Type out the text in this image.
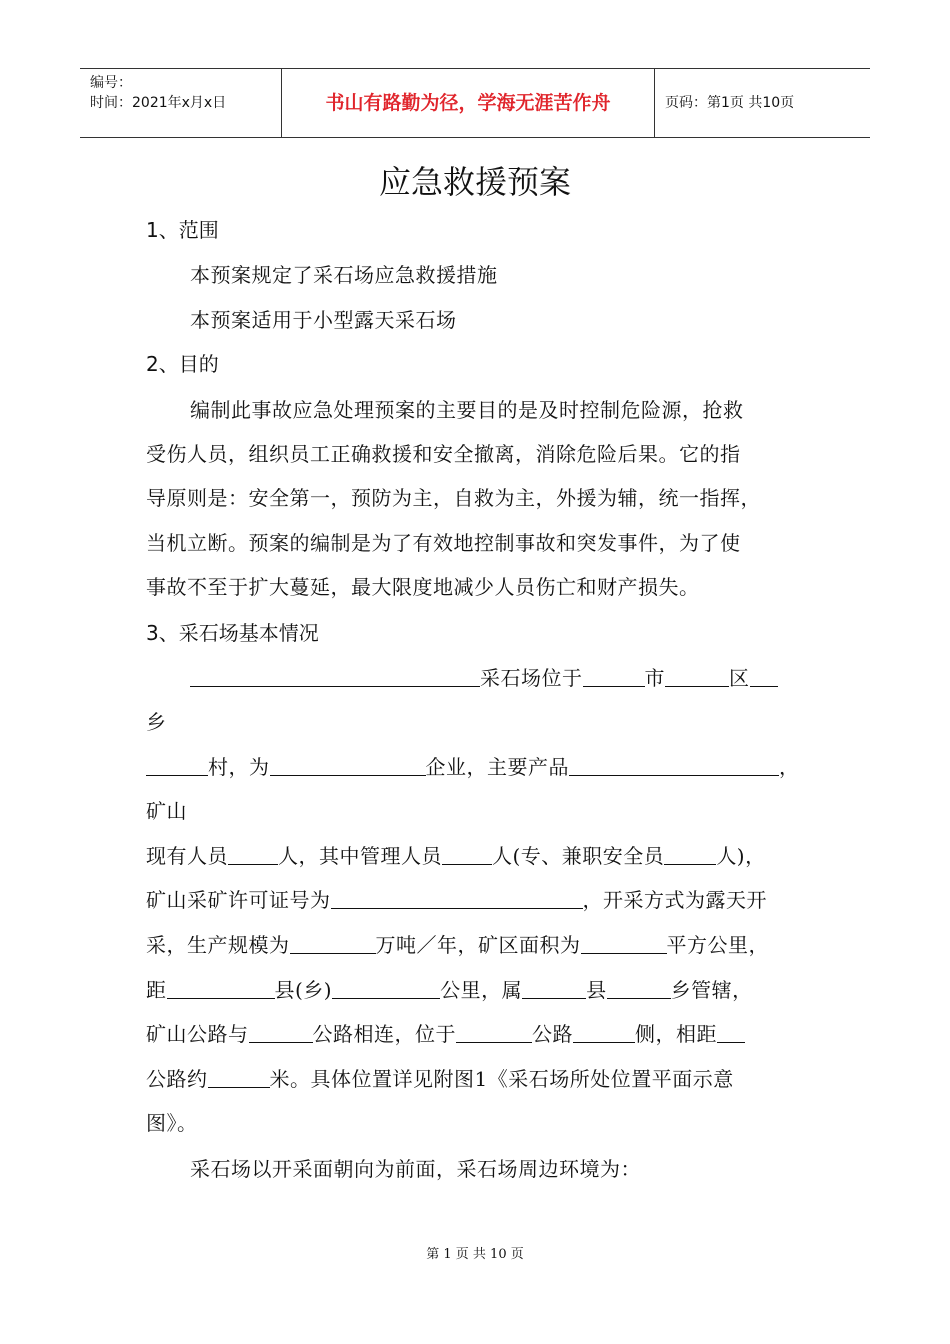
编号：
时间：2021年x月x日	书山有路勤为径，学海无涯苦作舟	页码：第1页 共10页
应急救援预案
1、范围
本预案规定了采石场应急救援措施
本预案适用于小型露天采石场
2、目的
编制此事故应急处理预案的主要目的是及时控制危险源，抢救
受伤人员，组织员工正确救援和安全撤离，消除危险后果。它的指
导原则是：安全第一，预防为主，自救为主，外援为辅，统一指挥，
当机立断。预案的编制是为了有效地控制事故和突发事件，为了使
事故不至于扩大蔓延，最大限度地减少人员伤亡和财产损失。
3、采石场基本情况
采石场位于	市	区
乡
村，为	企业，主要产品	，
矿山
现有人员	人，其中管理人员	人(专、兼职安全员	人)，
矿山采矿许可证号为	，开采方式为露天开
采，生产规模为	万吨／年，矿区面积为	平方公里，
距	县(乡)	公里，属	县	乡管辖，
矿山公路与	公路相连，位于	公路	侧，相距
公路约	米。具体位置详见附图1《采石场所处位置平面示意
图》。
采石场以开采面朝向为前面，采石场周边环境为：
第 1 页 共 10 页
